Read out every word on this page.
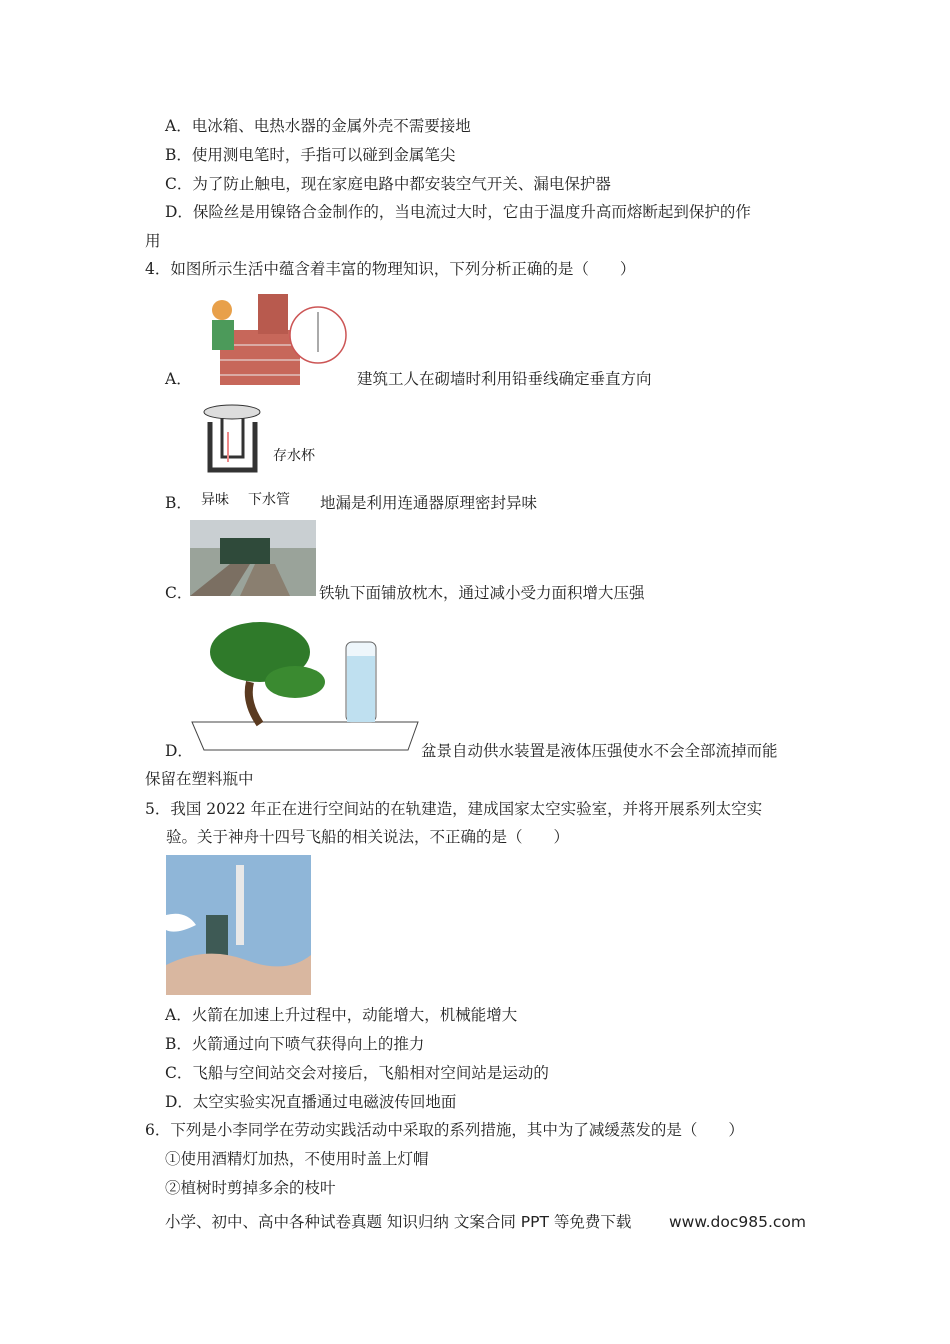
A．电冰箱、电热水器的金属外壳不需要接地
B．使用测电笔时，手指可以碰到金属笔尖
C．为了防止触电，现在家庭电路中都安装空气开关、漏电保护器
D．保险丝是用镍铬合金制作的，当电流过大时，它由于温度升高而熔断起到保护的作
用
4．如图所示生活中蕴含着丰富的物理知识，下列分析正确的是（　　）
A．	建筑工人在砌墙时利用铅垂线确定垂直方向
存水杯
异味 下水管
B．	地漏是利用连通器原理密封异味
C．	铁轨下面铺放枕木，通过减小受力面积增大压强
D．	盆景自动供水装置是液体压强使水不会全部流掉而能
保留在塑料瓶中
5．我国 2022 年正在进行空间站的在轨建造，建成国家太空实验室，并将开展系列太空实
验。关于神舟十四号飞船的相关说法，不正确的是（　　）
A．火箭在加速上升过程中，动能增大，机械能增大
B．火箭通过向下喷气获得向上的推力
C．飞船与空间站交会对接后，飞船相对空间站是运动的
D．太空实验实况直播通过电磁波传回地面
6．下列是小李同学在劳动实践活动中采取的系列措施，其中为了减缓蒸发的是（　　）
①使用酒精灯加热，不使用时盖上灯帽
②植树时剪掉多余的枝叶
小学、初中、高中各种试卷真题 知识归纳 文案合同 PPT 等免费下载 www.doc985.com
